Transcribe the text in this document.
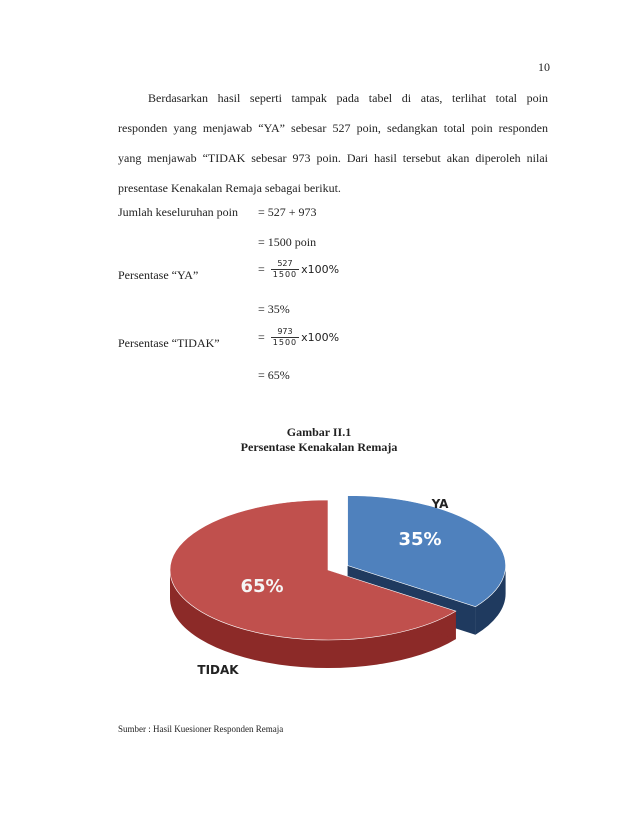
10
Berdasarkan hasil seperti tampak pada tabel di atas, terlihat total poin
responden yang menjawab “YA” sebesar 527 poin, sedangkan total poin responden
yang menjawab “TIDAK sebesar 973 poin. Dari hasil tersebut akan diperoleh nilai
presentase Kenakalan Remaja sebagai berikut.
Jumlah keseluruhan poin = 527 + 973
= 1500 poin
Persentase “YA”	= $\frac{527}{1500} x100\%$
= 35%
Persentase “TIDAK”	= $\frac{973}{1500} x100\%$
= 65%
Gambar II.1
Persentase Kenakalan Remaja
35%
YA
65%
TIDAK
Sumber : Hasil Kuesioner Responden Remaja
